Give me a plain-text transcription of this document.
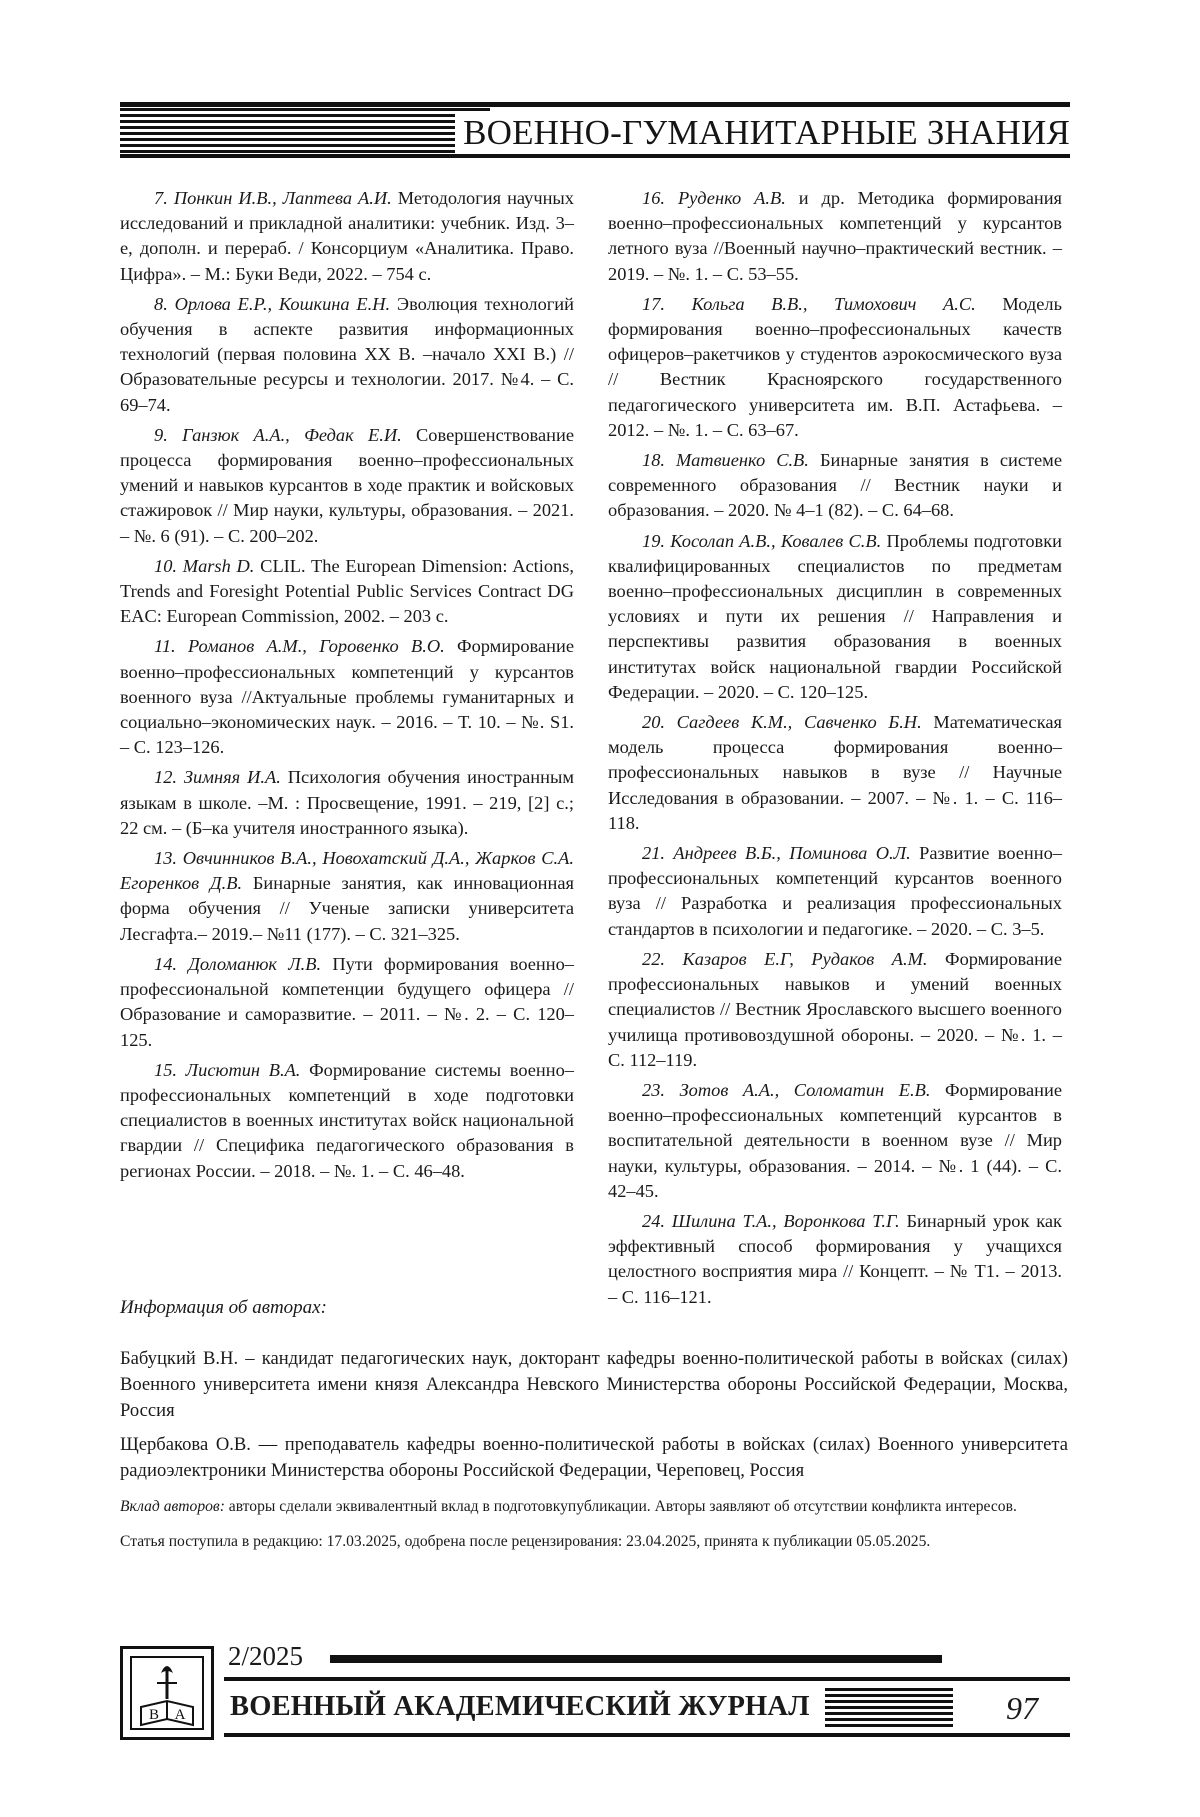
ВОЕННО-ГУМАНИТАРНЫЕ ЗНАНИЯ

7. Понкин И.В., Лаптева А.И. Методология научных исследований и прикладной аналитики: учебник. Изд. 3–е, дополн. и перераб. / Консорциум «Аналитика. Право. Цифра». – М.: Буки Веди, 2022. – 754 с.

8. Орлова Е.Р., Кошкина Е.Н. Эволюция технологий обучения в аспекте развития информационных технологий (первая половина XX В. –начало XXI В.) // Образовательные ресурсы и технологии. 2017. №4. – С. 69–74.

9. Ганзюк А.А., Федак Е.И. Совершенствование процесса формирования военно–профессиональных умений и навыков курсантов в ходе практик и войсковых стажировок // Мир науки, культуры, образования. – 2021. – №. 6 (91). – С. 200–202.

10. Marsh D. CLIL. The European Dimension: Actions, Trends and Foresight Potential Public Services Contract DG EAC: European Commission, 2002. – 203 с.

11. Романов А.М., Горовенко В.О. Формирование военно–профессиональных компетенций у курсантов военного вуза //Актуальные проблемы гуманитарных и социально–экономических наук. – 2016. – Т. 10. – №. S1. – С. 123–126.

12. Зимняя И.А. Психология обучения иностранным языкам в школе. –М. : Просвещение, 1991. – 219, [2] с.; 22 см. – (Б–ка учителя иностранного языка).

13. Овчинников В.А., Новохатский Д.А., Жарков С.А. Егоренков Д.В. Бинарные занятия, как инновационная форма обучения // Ученые записки университета Лесгафта.– 2019.– №11 (177). – С. 321–325.

14. Доломанюк Л.В. Пути формирования военно–профессиональной компетенции будущего офицера // Образование и саморазвитие. – 2011. – №. 2. – С. 120–125.

15. Лисютин В.А. Формирование системы военно–профессиональных компетенций в ходе подготовки специалистов в военных институтах войск национальной гвардии // Специфика педагогического образования в регионах России. – 2018. – №. 1. – С. 46–48.

16. Руденко А.В. и др. Методика формирования военно–профессиональных компетенций у курсантов летного вуза //Военный научно–практический вестник. – 2019. – №. 1. – С. 53–55.

17. Кольга В.В., Тимохович А.С. Модель формирования военно–профессиональных качеств офицеров–ракетчиков у студентов аэрокосмического вуза // Вестник Красноярского государственного педагогического университета им. В.П. Астафьева. – 2012. – №. 1. – С. 63–67.

18. Матвиенко С.В. Бинарные занятия в системе современного образования // Вестник науки и образования. – 2020. № 4–1 (82). – С. 64–68.

19. Косолап А.В., Ковалев С.В. Проблемы подготовки квалифицированных специалистов по предметам военно–профессиональных дисциплин в современных условиях и пути их решения // Направления и перспективы развития образования в военных институтах войск национальной гвардии Российской Федерации. – 2020. – С. 120–125.

20. Сагдеев К.М., Савченко Б.Н. Математическая модель процесса формирования военно–профессиональных навыков в вузе // Научные Исследования в образовании. – 2007. – №. 1. – С. 116–118.

21. Андреев В.Б., Поминова О.Л. Развитие военно–профессиональных компетенций курсантов военного вуза // Разработка и реализация профессиональных стандартов в психологии и педагогике. – 2020. – С. 3–5.

22. Казаров Е.Г, Рудаков А.М. Формирование профессиональных навыков и умений военных специалистов // Вестник Ярославского высшего военного училища противовоздушной обороны. – 2020. – №. 1. – С. 112–119.

23. Зотов А.А., Соломатин Е.В. Формирование военно–профессиональных компетенций курсантов в воспитательной деятельности в военном вузе // Мир науки, культуры, образования. – 2014. – №. 1 (44). – С. 42–45.

24. Шилина Т.А., Воронкова Т.Г. Бинарный урок как эффективный способ формирования у учащихся целостного восприятия мира // Концепт. – № Т1. – 2013. – С. 116–121.

Информация об авторах:

Бабуцкий В.Н. – кандидат педагогических наук, докторант кафедры военно-политической работы в войсках (силах) Военного университета имени князя Александра Невского Министерства обороны Российской Федерации, Москва, Россия

Щербакова О.В. — преподаватель кафедры военно-политической работы в войсках (силах) Военного университета радиоэлектроники Министерства обороны Российской Федерации, Череповец, Россия

Вклад авторов: авторы сделали эквивалентный вклад в подготовкупубликации. Авторы заявляют об отсутствии конфликта интересов.

Статья поступила в редакцию: 17.03.2025, одобрена после рецензирования: 23.04.2025, принята к публикации 05.05.2025.

В А
2/2025
ВОЕННЫЙ АКАДЕМИЧЕСКИЙ ЖУРНАЛ	97
